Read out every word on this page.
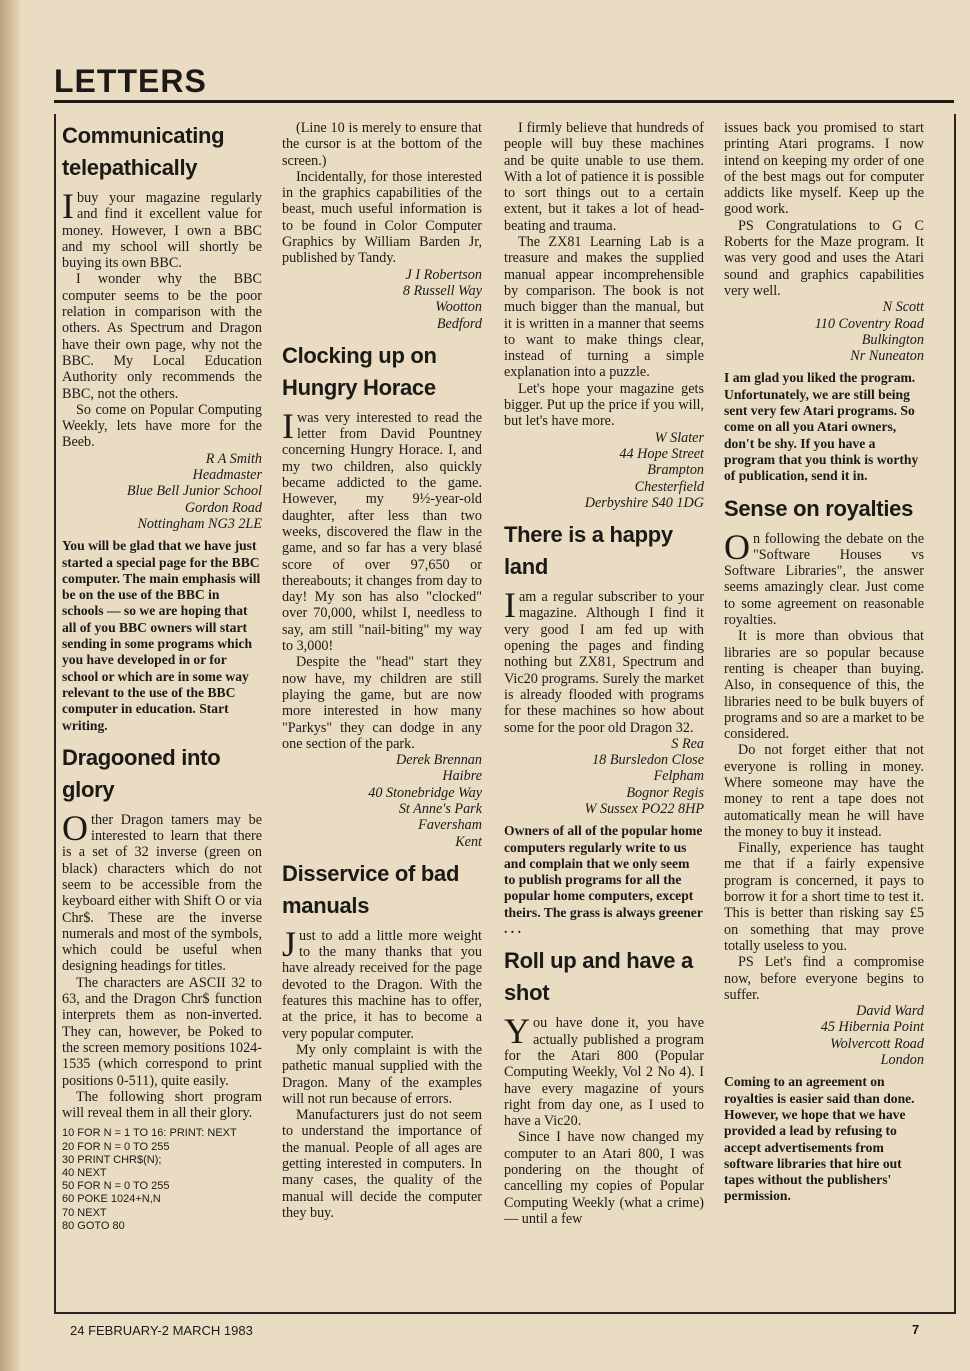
LETTERS
Communicating telepathically

Ibuy your magazine regularly and find it excellent value for money. However, I own a BBC and my school will shortly be buying its own BBC.

I wonder why the BBC computer seems to be the poor relation in comparison with the others. As Spectrum and Dragon have their own page, why not the BBC. My Local Education Authority only recommends the BBC, not the others.

So come on Popular Computing Weekly, lets have more for the Beeb.

R A Smith
Headmaster
Blue Bell Junior School
Gordon Road
Nottingham NG3 2LE
You will be glad that we have just started a special page for the BBC computer. The main emphasis will be on the use of the BBC in schools — so we are hoping that all of you BBC owners will start sending in some programs which you have developed in or for school or which are in some way relevant to the use of the BBC computer in education. Start writing.
Dragooned into glory

Other Dragon tamers may be interested to learn that there is a set of 32 inverse (green on black) characters which do not seem to be accessible from the keyboard either with Shift O or via Chr$. These are the inverse numerals and most of the symbols, which could be useful when designing headings for titles.

The characters are ASCII 32 to 63, and the Dragon Chr$ function interprets them as non-inverted. They can, however, be Poked to the screen memory positions 1024-1535 (which correspond to print positions 0-511), quite easily.

The following short program will reveal them in all their glory.

10 FOR N = 1 TO 16: PRINT: NEXT
20 FOR N = 0 TO 255
30 PRINT CHR$(N);
40 NEXT
50 FOR N = 0 TO 255
60 POKE 1024+N,N
70 NEXT
80 GOTO 80

(Line 10 is merely to ensure that the cursor is at the bottom of the screen.)

Incidentally, for those interested in the graphics capabilities of the beast, much useful information is to be found in Color Computer Graphics by William Barden Jr, published by Tandy.

J I Robertson
8 Russell Way
Wootton
Bedford
Clocking up on Hungry Horace

Iwas very interested to read the letter from David Pountney concerning Hungry Horace. I, and my two children, also quickly became addicted to the game. However, my 9½-year-old daughter, after less than two weeks, discovered the flaw in the game, and so far has a very blasé score of over 97,650 or thereabouts; it changes from day to day! My son has also "clocked" over 70,000, whilst I, needless to say, am still "nail-biting" my way to 3,000!

Despite the "head" start they now have, my children are still playing the game, but are now more interested in how many "Parkys" they can dodge in any one section of the park.

Derek Brennan
Haibre
40 Stonebridge Way
St Anne's Park
Faversham
Kent
Disservice of bad manuals

Just to add a little more weight to the many thanks that you have already received for the page devoted to the Dragon. With the features this machine has to offer, at the price, it has to become a very popular computer.

My only complaint is with the pathetic manual supplied with the Dragon. Many of the examples will not run because of errors.

Manufacturers just do not seem to understand the importance of the manual. People of all ages are getting interested in computers. In many cases, the quality of the manual will decide the computer they buy.

I firmly believe that hundreds of people will buy these machines and be quite unable to use them. With a lot of patience it is possible to sort things out to a certain extent, but it takes a lot of head-beating and trauma.

The ZX81 Learning Lab is a treasure and makes the supplied manual appear incomprehensible by comparison. The book is not much bigger than the manual, but it is written in a manner that seems to want to make things clear, instead of turning a simple explanation into a puzzle.

Let's hope your magazine gets bigger. Put up the price if you will, but let's have more.

W Slater
44 Hope Street
Brampton
Chesterfield
Derbyshire S40 1DG
There is a happy land

Iam a regular subscriber to your magazine. Although I find it very good I am fed up with opening the pages and finding nothing but ZX81, Spectrum and Vic20 programs. Surely the market is already flooded with programs for these machines so how about some for the poor old Dragon 32.

S Rea
18 Bursledon Close
Felpham
Bognor Regis
W Sussex PO22 8HP
Owners of all of the popular home computers regularly write to us and complain that we only seem to publish programs for all the popular home computers, except theirs. The grass is always greener . . .
Roll up and have a shot

You have done it, you have actually published a program for the Atari 800 (Popular Computing Weekly, Vol 2 No 4). I have every magazine of yours right from day one, as I used to have a Vic20.

Since I have now changed my computer to an Atari 800, I was pondering on the thought of cancelling my copies of Popular Computing Weekly (what a crime) — until a few

issues back you promised to start printing Atari programs. I now intend on keeping my order of one of the best mags out for computer addicts like myself. Keep up the good work.

PS Congratulations to G C Roberts for the Maze program. It was very good and uses the Atari sound and graphics capabilities very well.

N Scott
110 Coventry Road
Bulkington
Nr Nuneaton
I am glad you liked the program. Unfortunately, we are still being sent very few Atari programs. So come on all you Atari owners, don't be shy. If you have a program that you think is worthy of publication, send it in.
Sense on royalties

On following the debate on the "Software Houses vs Software Libraries", the answer seems amazingly clear. Just come to some agreement on reasonable royalties.

It is more than obvious that libraries are so popular because renting is cheaper than buying. Also, in consequence of this, the libraries need to be bulk buyers of programs and so are a market to be considered.

Do not forget either that not everyone is rolling in money. Where someone may have the money to rent a tape does not automatically mean he will have the money to buy it instead.

Finally, experience has taught me that if a fairly expensive program is concerned, it pays to borrow it for a short time to test it. This is better than risking say £5 on something that may prove totally useless to you.

PS Let's find a compromise now, before everyone begins to suffer.

David Ward
45 Hibernia Point
Wolvercott Road
London
Coming to an agreement on royalties is easier said than done. However, we hope that we have provided a lead by refusing to accept advertisements from software libraries that hire out tapes without the publishers' permission.
24 FEBRUARY-2 MARCH 1983	7
